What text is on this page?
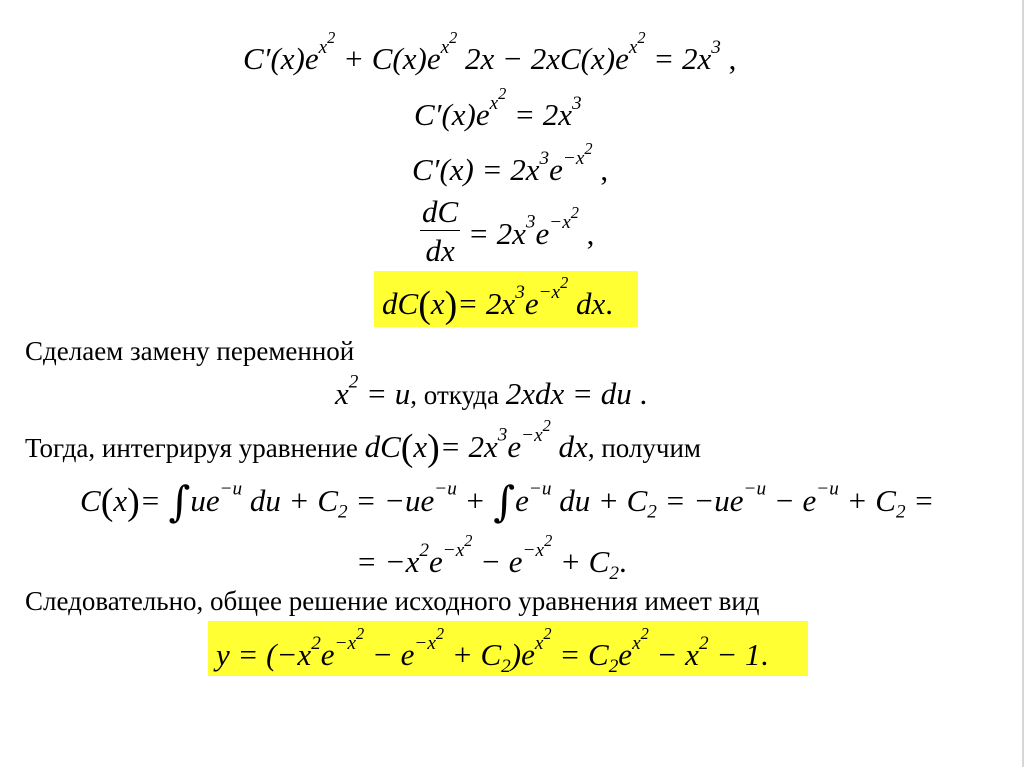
$C'(x)e^{x^2} + C(x)e^{x^2}$ $2x - 2xC(x)e^{x^2} = 2x^3$ ,
$C'(x)e^{x^2} = 2x^3$
$C'(x) = 2x^3e^{-x^2}$ ,
$\frac{dC}{dx} = 2x^3e^{-x^2}$ ,
$dC(x)= 2x^3e^{-x^2}$ dx.
Сделаем замену переменной
$x^2 = u$, откуда 2xdx = du .
Тогда, интегрируя уравнение $dC(x)= 2x^3e^{-x^2}$ dx, получим
$C(x)= \int ue^{-u}$ du + $C_2 = -ue^{-u} + \int e^{-u}$ du + $C_2 = -ue^{-u} - e^{-u} + C_2$ =
= $-x^2e^{-x^2} - e^{-x^2} + C_2$.
Следовательно, общее решение исходного уравнения имеет вид
$y = (-x^2e^{-x^2} - e^{-x^2} + C_2)e^{x^2} = C_2e^{x^2} - x^2 - 1$.
